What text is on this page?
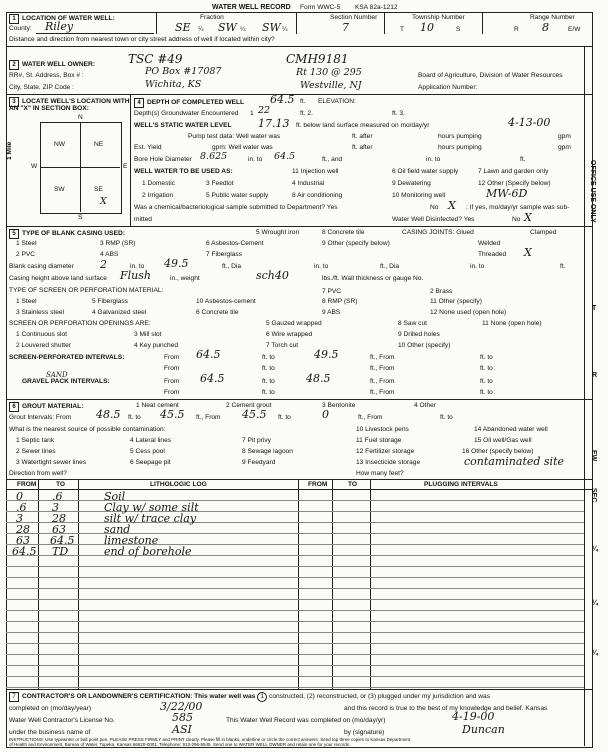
WATER WELL RECORD Form WWC-5 KSA 82a-1212
1 LOCATION OF WATER WELL:
County: Riley
Fraction
SE ¼ SW ¼ SW ¼
Section Number
7
Township Number
T 10	S
Range Number
R 8	E/W
Distance and direction from nearest town or city street address of well if located within city?
2 WATER WELL OWNER:	TSC #49	CMH9181
RR#, St. Address, Box # :	PO Box #17087	Rt 130 @ 295
City, State, ZIP Code :	Wichita, KS	Westville, NJ
Board of Agriculture, Division of Water Resources
Application Number:
3 LOCATE WELL'S LOCATION WITH
AN "X" IN SECTION BOX:
N
S
W	E
NW	NE
SW	SE
X
1 Mile
4 DEPTH OF COMPLETED WELL 64.5 ft. ELEVATION:
Depth(s) Groundwater Encountered 1 22	ft. 2.	ft. 3.
WELL'S STATIC WATER LEVEL 17.13 ft. below land surface measured on mo/day/yr	4-13-00
Pump test data: Well water was	ft. after	hours pumping	gpm
Est. Yield	gpm: Well water was	ft. after	hours pumping	gpm
Bore Hole Diameter 8.625	in. to 64.5	ft., and	in. to	ft.
WELL WATER TO BE USED AS:	11 Injection well	6 Oil field water supply	7 Lawn and garden only
1 Domestic	3 Feedlot	4 Industrial	9 Dewatering	12 Other (Specify below)
2 Irrigation	5 Public water supply	8 Air conditioning	10 Monitoring well	MW-6D
Was a chemical/bacteriological sample submitted to Department? Yes	No X ; If yes, mo/day/yr sample was sub-
mitted	Water Well Disinfected? Yes	No X
5 TYPE OF BLANK CASING USED:	5 Wrought iron	8 Concrete tile	CASING JOINTS: Glued	Clamped
1 Steel	3 RMP (SR)	6 Asbestos-Cement	9 Other (specify below)	Welded
2 PVC	4 ABS	7 Fiberglass	Threaded X
Blank casing diameter 2	in. to 49.5	ft., Dia	in. to	ft., Dia	in. to	ft.
Casing height above land surface Flush	in., weight	sch40	lbs./ft. Wall thickness or gauge No.
TYPE OF SCREEN OR PERFORATION MATERIAL:
1 Steel	5 Fiberglass	10 Asbestos-cement
7 PVC
8 RMP (SR)
2 Brass
11 Other (specify)
3 Stainless steel	4 Galvanized steel	6 Concrete tile	9 ABS	12 None used (open hole)
SCREEN OR PERFORATION OPENINGS ARE:	5 Gauzed wrapped	8 Saw cut	11 None (open hole)
1 Continuous slot	3 Mill slot	6 Wire wrapped	9 Drilled holes
2 Louvered shutter	4 Key punched	7 Torch cut	10 Other (specify)
SCREEN-PERFORATED INTERVALS:	From 64.5	ft. to	49.5	ft., From	ft. to
From	ft. to	ft., From	ft. to
SAND
GRAVEL PACK INTERVALS:	From 64.5	ft. to	48.5	ft., From	ft. to
From	ft. to	ft., From	ft. to
6 GROUT MATERIAL:	1 Neat cement	2 Cement grout	3 Bentonite	4 Other
Grout Intervals: From 48.5 ft. to 45.5 ft., From 45.5 ft. to	0	ft., From	ft. to
What is the nearest source of possible contamination:	10 Livestock pens	14 Abandoned water well
1 Septic tank	4 Lateral lines	7 Pit privy	11 Fuel storage	15 Oil well/Gas well
2 Sewer lines	5 Cess pool	8 Sewage lagoon	12 Fertilizer storage	16 Other (specify below)
3 Watertight sewer lines	6 Seepage pit	9 Feedyard	13 Insecticide storage	contaminated site
Direction from well?	How many feet?
FROM	TO	LITHOLOGIC LOG	FROM	TO	PLUGGING INTERVALS
0	.6	Soil
.6 3	Clay w/ some silt
3	28	silt w/ trace clay
28 63	sand
63 64.5	limestone
64.5 TD	end of borehole
7 CONTRACTOR'S OR LANDOWNER'S CERTIFICATION: This water well was 1 constructed, (2) reconstructed, or (3) plugged under my jurisdiction and was
completed on (mo/day/year)	3/22/00	and this record is true to the best of my knowledge and belief. Kansas
Water Well Contractor's License No.	585	This Water Well Record was completed on (mo/day/yr)	4-19-00
under the business name of	ASI	by (signature)	Duncan
INSTRUCTIONS: Use typewriter or ball point pen. PLEASE PRESS FIRMLY and PRINT clearly. Please fill in blanks, underline or circle the correct answers. Send top three copies to Kansas Department
of Health and Environment, Bureau of Water, Topeka, Kansas 66620-0001. Telephone: 913-296-5545. Send one to WATER WELL OWNER and retain one for your records.
OFFICE USE ONLY
T
R
EW
SEC
¼
¼
¼
